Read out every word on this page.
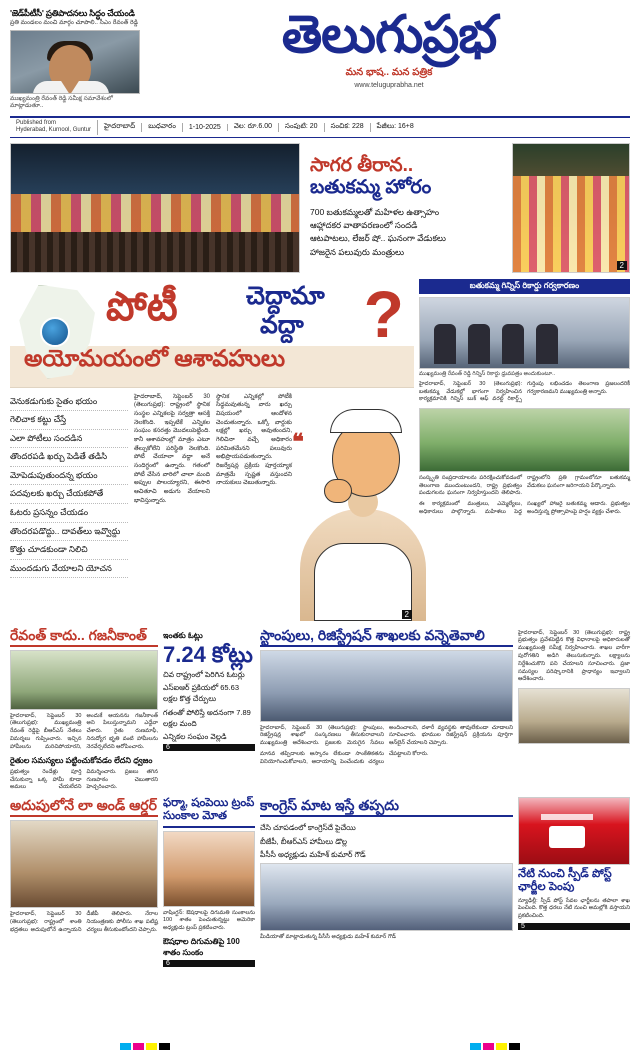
'జెడ్‌పీటీసీ' ప్రతిపాదనలు సిద్ధం చేయండి
ప్రతి మండలం మంచి మార్గం చూపాలి.. సీఎం రేవంత్ రెడ్డి
ముఖ్యమంత్రి రేవంత్ రెడ్డి సమీక్ష సమావేశంలో మాట్లాడుతూ..
తెలుగుప్రభ
మన భాష.. మన పత్రిక
www.teluguprabha.net
Published from
Hyderabad, Kurnool, Guntur
హైదరాబాద్	బుధవారం	1-10-2025	వెల: రూ.6.00	సంపుటి: 20	సంచిక: 228	పేజీలు: 16+8
సాగర తీరాన..
బతుకమ్మ హోరం
700 బతుకమ్మలతో మహిళల ఉత్సాహం
ఆహ్లాదకర వాతావరణంలో సందడి
ఆటపాటలు, లేజర్ షో.. ఘనంగా వేడుకలు
హాజరైన పలువురు మంత్రులు
2
పోటీ	చెద్దామా
వద్దా ?
అయోమయంలో ఆశావహులు
వెనుకడుగుకు సైతం భయం
గెలిచాక కట్టు చేస్తే
ఎలా పోటీలు సందడిన
తొందరపడి ఖర్చు పెడితే తడిసి
మోపెడుపుతుందన్న భయం
పదవులకు ఖర్చు చేయకపోతే
ఓటరు ప్రసన్నం చేయడం
తొందరపడొద్దు.. దావత్‌లు ఇవ్వొద్దు
కొత్తు చూడకుండా నిలిచి
ముందడుగు వేయాలని యోచన
హైదరాబాద్, సెప్టెంబర్ 30 (తెలుగుప్రభ): రాష్ట్రంలో స్థానిక సంస్థల ఎన్నికలపై సర్వత్రా ఆసక్తి నెలకొంది. ఇప్పటికే ఎన్నికల సంఘం కసరత్తు మొదలుపెట్టింది. కానీ ఆశావహుల్లో మాత్రం ఎటూ తేల్చుకోలేని పరిస్థితి నెలకొంది. పోటీ చేయాలా వద్దా అనే సందిగ్ధంలో ఉన్నారు. గతంలో పోటీ చేసిన వారిలో చాలా మంది అప్పుల పాలయ్యారని, ఈసారి ఆచితూచి అడుగు వేయాలని భావిస్తున్నారు.
స్థానిక ఎన్నికల్లో పోటీకి సిద్ధమవుతున్న వారు ఖర్చు విషయంలో ఆందోళన చెందుతున్నారు. ఒక్కో వార్డుకు లక్షల్లో ఖర్చు అవుతుందని, గెలిచినా వచ్చే అధికారం పరిమితమేనని పలువురు అభిప్రాయపడుతున్నారు. రిజర్వేషన్ల ప్రక్రియ పూర్తయ్యాక మాత్రమే స్పష్టత వస్తుందని నాయకులు చెబుతున్నారు.
❝
2
బతుకమ్మ గిన్నిస్ రికార్డు గర్వకారణం
ముఖ్యమంత్రి రేవంత్ రెడ్డి గిన్నిస్ రికార్డు ధ్రువపత్రం అందుకుంటూ..
హైదరాబాద్, సెప్టెంబర్ 30 (తెలుగుప్రభ): బతుకమ్మ వేడుకల్లో భాగంగా నిర్వహించిన కార్యక్రమానికి గిన్నిస్ బుక్ ఆఫ్ వరల్డ్ రికార్డ్స్ గుర్తింపు లభించడం తెలంగాణ ప్రజలందరికీ గర్వకారణమని ముఖ్యమంత్రి అన్నారు.
సంస్కృతి సంప్రదాయాలను పరిరక్షించుకోవడంలో తెలంగాణ ముందుంటుందని, రాష్ట్ర ప్రభుత్వం పండుగలను ఘనంగా నిర్వహిస్తుందని తెలిపారు. రాష్ట్రంలోని ప్రతి గ్రామంలోనూ బతుకమ్మ వేడుకలు ఘనంగా జరిగాయని పేర్కొన్నారు.
ఈ కార్యక్రమంలో మంత్రులు, ఎమ్మెల్యేలు, అధికారులు పాల్గొన్నారు. మహిళలు పెద్ద సంఖ్యలో హాజరై బతుకమ్మ ఆడారు. ప్రభుత్వం అందిస్తున్న ప్రోత్సాహంపై హర్షం వ్యక్తం చేశారు.
రేవంత్ కాదు.. గజనీకాంత్
హైదరాబాద్, సెప్టెంబర్ 30 (తెలుగుప్రభ): ముఖ్యమంత్రి రేవంత్ రెడ్డిపై బీఆర్ఎస్ నేతలు విమర్శలు గుప్పించారు. ఇచ్చిన హామీలను మరిచిపోయారని, అందుకే ఆయనను గజనీకాంత్ అని పిలుస్తున్నామని ఎద్దేవా చేశారు. రైతు రుణమాఫీ, నిరుద్యోగ భృతి వంటి హామీలను నెరవేర్చలేదని ఆరోపించారు.
రైతుల సమస్యలు పట్టించుకోవడం లేదని ధ్వజం
ప్రభుత్వం రెండేళ్లు పూర్తి చేసుకున్నా ఒక్క హామీ కూడా అమలు చేయలేదని విమర్శించారు. ప్రజలు తగిన గుణపాఠం చెబుతారని హెచ్చరించారు.
ఇంతకు ఓట్లు
7.24 కోట్లు
చివ రాష్ట్రంలో పెరిగిన ఓటర్లు
ఎస్ఐఆర్ ప్రకియలో 65.63 లక్షల కొత్త చేర్పులు
గతంతో పోలిస్తే అదనంగా 7.89 లక్షల మంది
ఎన్నికల సంఘం వెల్లడి
6
స్టాంపులు, రిజిస్ట్రేషన్ శాఖలకు వన్నెతెవాలి
హైదరాబాద్, సెప్టెంబర్ 30 (తెలుగుప్రభ): స్టాంపులు, రిజిస్ట్రేషన్ల శాఖలో సంస్కరణలు తీసుకురావాలని ముఖ్యమంత్రి ఆదేశించారు. ప్రజలకు మెరుగైన సేవలు అందించాలని, దళారీ వ్యవస్థకు తావులేకుండా చూడాలని సూచించారు. భూముల రిజిస్ట్రేషన్ ప్రక్రియను పూర్తిగా ఆన్‌లైన్ చేయాలని చెప్పారు.
మానవ తప్పిదాలకు ఆస్కారం లేకుండా సాంకేతికతను వినియోగించుకోవాలని, ఆదాయాన్ని పెంచేందుకు చర్యలు చేపట్టాలని కోరారు.
హైదరాబాద్, సెప్టెంబర్ 30 (తెలుగుప్రభ): రాష్ట్ర ప్రభుత్వం ప్రవేశపెట్టిన కొత్త విధానాలపై అధికారులతో ముఖ్యమంత్రి సమీక్ష నిర్వహించారు. శాఖల వారీగా పురోగతిని అడిగి తెలుసుకున్నారు. లక్ష్యాలను నిర్దేశించుకొని పని చేయాలని సూచించారు. ప్రజా సమస్యల పరిష్కారానికి ప్రాధాన్యం ఇవ్వాలని ఆదేశించారు.
అదుపులోనే లా అండ్ ఆర్డర్
హైదరాబాద్, సెప్టెంబర్ 30 (తెలుగుప్రభ): రాష్ట్రంలో శాంతి భద్రతలు అదుపులోనే ఉన్నాయని డీజీపీ తెలిపారు. నేరాల నియంత్రణకు పోలీసు శాఖ పటిష్ట చర్యలు తీసుకుంటోందని చెప్పారు.
ఫర్మా, షంపెయి ట్రంప్ సుంకాల మోత
వాషింగ్టన్: ఔషధాలపై దిగుమతి సుంకాలను 100 శాతం పెంచుతున్నట్టు అమెరికా అధ్యక్షుడు ట్రంప్ ప్రకటించారు.
ఔషధాల దిగుమతిపై 100 శాతం సుంకం
6
కాంగ్రెస్ మాట ఇస్తే తప్పదు
చేసి చూపడంలో కాంగ్రెస్‌దే పైచేయి
బీజేపీ, బీఆర్ఎస్ హామీలు డొల్ల
పీసీసీ అధ్యక్షుడు మహేశ్ కుమార్ గౌడ్
మీడియాతో మాట్లాడుతున్న పీసీసీ అధ్యక్షుడు మహేశ్ కుమార్ గౌడ్
నేటి నుంచి స్పీడ్ పోస్ట్ ఛార్జీల పెంపు
న్యూఢిల్లీ: స్పీడ్ పోస్ట్ సేవల ఛార్జీలను తపాలా శాఖ పెంచింది. కొత్త ధరలు నేటి నుంచి అమల్లోకి వస్తాయని ప్రకటించింది.
5
